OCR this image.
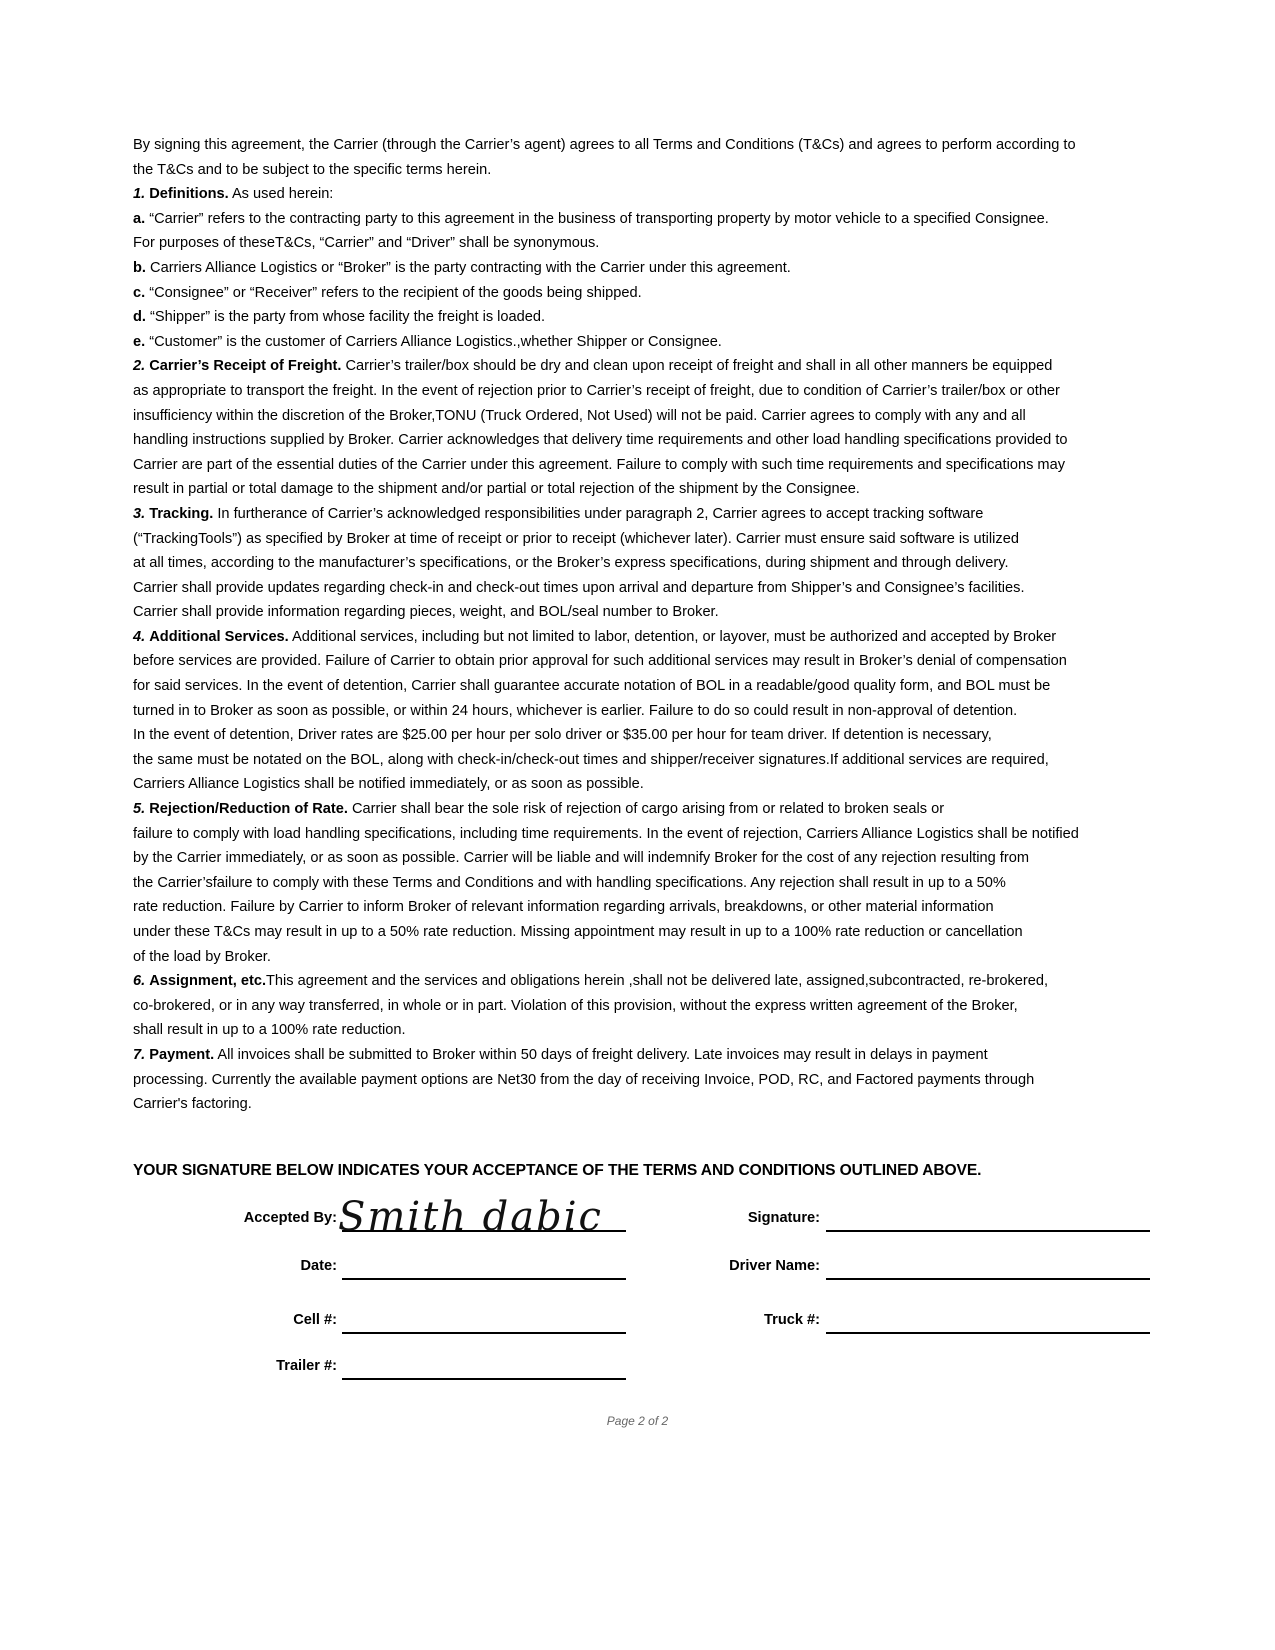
By signing this agreement, the Carrier (through the Carrier’s agent) agrees to all Terms and Conditions (T&Cs) and agrees to perform according to
the T&Cs and to be subject to the specific terms herein.
1. Definitions. As used herein:
a. “Carrier” refers to the contracting party to this agreement in the business of transporting property by motor vehicle to a specified Consignee.
For purposes of theseT&Cs, “Carrier” and “Driver” shall be synonymous.
b. Carriers Alliance Logistics or “Broker” is the party contracting with the Carrier under this agreement.
c. “Consignee” or “Receiver” refers to the recipient of the goods being shipped.
d. “Shipper” is the party from whose facility the freight is loaded.
e. “Customer” is the customer of Carriers Alliance Logistics.,whether Shipper or Consignee.
2. Carrier’s Receipt of Freight. Carrier’s trailer/box should be dry and clean upon receipt of freight and shall in all other manners be equipped
as appropriate to transport the freight. In the event of rejection prior to Carrier’s receipt of freight, due to condition of Carrier’s trailer/box or other
insufficiency within the discretion of the Broker,TONU (Truck Ordered, Not Used) will not be paid. Carrier agrees to comply with any and all
handling instructions supplied by Broker. Carrier acknowledges that delivery time requirements and other load handling specifications provided to
Carrier are part of the essential duties of the Carrier under this agreement. Failure to comply with such time requirements and specifications may
result in partial or total damage to the shipment and/or partial or total rejection of the shipment by the Consignee.
3. Tracking. In furtherance of Carrier’s acknowledged responsibilities under paragraph 2, Carrier agrees to accept tracking software
(“TrackingTools”) as specified by Broker at time of receipt or prior to receipt (whichever later). Carrier must ensure said software is utilized
at all times, according to the manufacturer’s specifications, or the Broker’s express specifications, during shipment and through delivery.
Carrier shall provide updates regarding check-in and check-out times upon arrival and departure from Shipper’s and Consignee’s facilities.
Carrier shall provide information regarding pieces, weight, and BOL/seal number to Broker.
4. Additional Services. Additional services, including but not limited to labor, detention, or layover, must be authorized and accepted by Broker
before services are provided. Failure of Carrier to obtain prior approval for such additional services may result in Broker’s denial of compensation
for said services. In the event of detention, Carrier shall guarantee accurate notation of BOL in a readable/good quality form, and BOL must be
turned in to Broker as soon as possible, or within 24 hours, whichever is earlier. Failure to do so could result in non-approval of detention.
In the event of detention, Driver rates are $25.00 per hour per solo driver or $35.00 per hour for team driver. If detention is necessary,
the same must be notated on the BOL, along with check-in/check-out times and shipper/receiver signatures.If additional services are required,
Carriers Alliance Logistics shall be notified immediately, or as soon as possible.
5. Rejection/Reduction of Rate. Carrier shall bear the sole risk of rejection of cargo arising from or related to broken seals or
failure to comply with load handling specifications, including time requirements. In the event of rejection, Carriers Alliance Logistics shall be notified
by the Carrier immediately, or as soon as possible. Carrier will be liable and will indemnify Broker for the cost of any rejection resulting from
the Carrier’sfailure to comply with these Terms and Conditions and with handling specifications. Any rejection shall result in up to a 50%
rate reduction. Failure by Carrier to inform Broker of relevant information regarding arrivals, breakdowns, or other material information
under these T&Cs may result in up to a 50% rate reduction. Missing appointment may result in up to a 100% rate reduction or cancellation
of the load by Broker.
6. Assignment, etc.This agreement and the services and obligations herein ,shall not be delivered late, assigned,subcontracted, re-brokered,
co-brokered, or in any way transferred, in whole or in part. Violation of this provision, without the express written agreement of the Broker,
shall result in up to a 100% rate reduction.
7. Payment. All invoices shall be submitted to Broker within 50 days of freight delivery. Late invoices may result in delays in payment
processing. Currently the available payment options are Net30 from the day of receiving Invoice, POD, RC, and Factored payments through
Carrier's factoring.
YOUR SIGNATURE BELOW INDICATES YOUR ACCEPTANCE OF THE TERMS AND CONDITIONS OUTLINED ABOVE.
Accepted By: Smith dabic
Date:
Cell #:
Trailer #:
Signature:
Driver Name:
Truck #:
Page 2 of 2
